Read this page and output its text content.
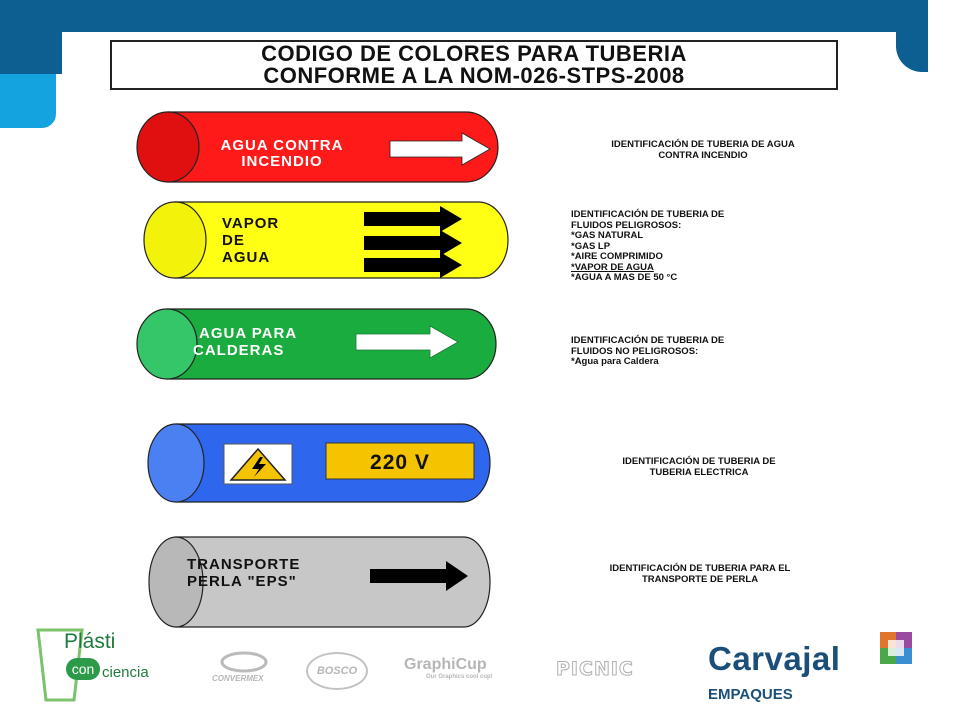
CODIGO DE COLORES PARA TUBERIA
CONFORME A LA NOM-026-STPS-2008
AGUA CONTRA
INCENDIO
VAPOR
DE
AGUA
AGUA PARA
CALDERAS
220 V
TRANSPORTE
PERLA "EPS"
IDENTIFICACIÓN DE TUBERIA DE AGUA
CONTRA INCENDIO
IDENTIFICACIÓN DE TUBERIA DE
FLUIDOS PELIGROSOS:
*GAS NATURAL
*GAS LP
*AIRE COMPRIMIDO
*VAPOR DE AGUA
*AGUA A MAS DE 50 °C
IDENTIFICACIÓN DE TUBERIA DE
FLUIDOS NO PELIGROSOS:
*Agua para Caldera
IDENTIFICACIÓN DE TUBERIA DE
TUBERIA ELECTRICA
IDENTIFICACIÓN DE TUBERIA PARA EL
TRANSPORTE DE PERLA
Plásti
con ciencia	CONVERMEX
BOSCO	GraphiCup
Our Graphics cool cup!	PICNIC	Carvajal
EMPAQUES
